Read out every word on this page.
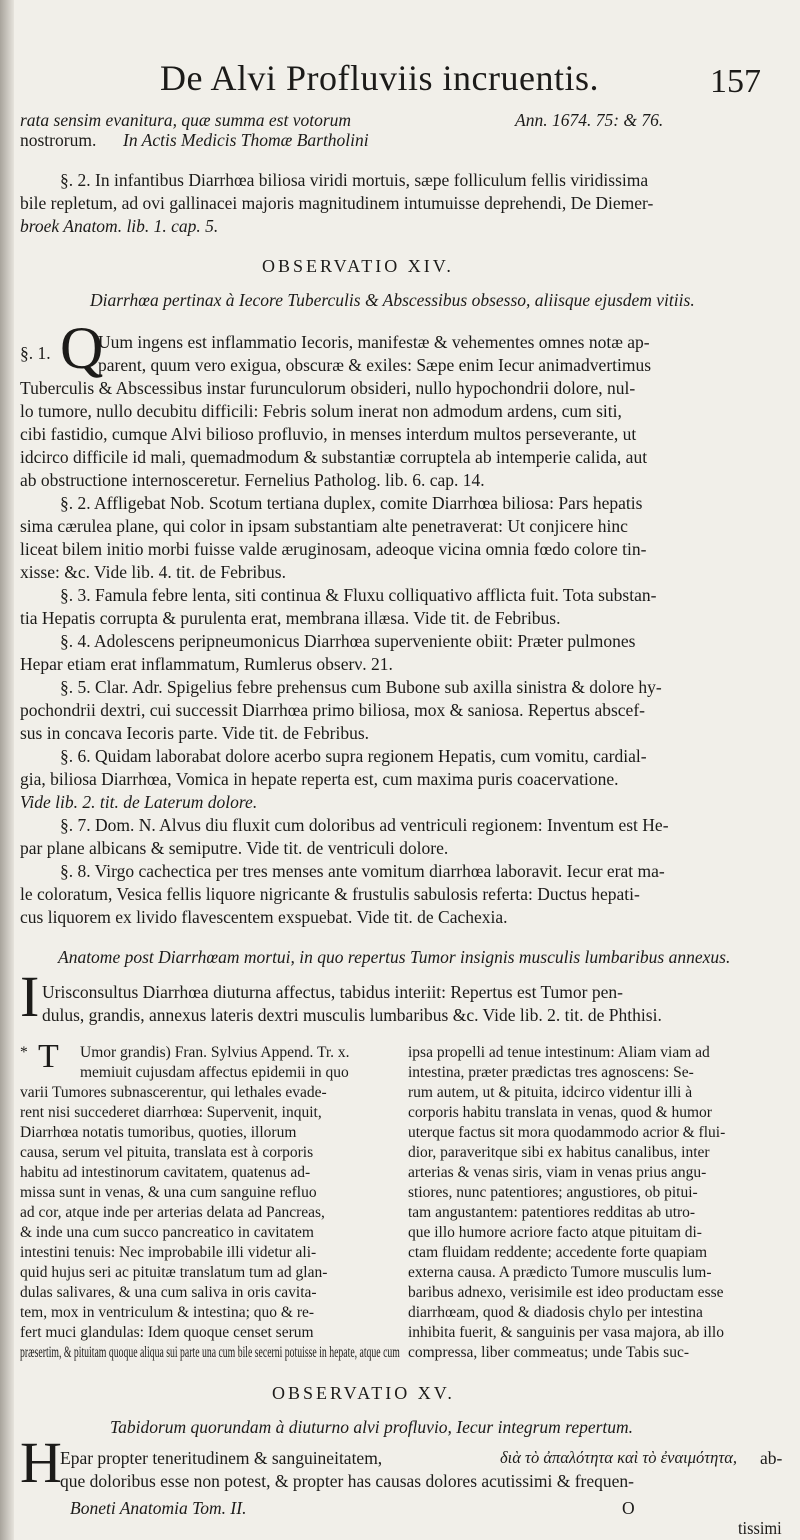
De Alvi Profluviis incruentis.	157
rata sensim evanitura, quæ summa est votorum	Ann. 1674. 75: & 76.
nostrorum. In Actis Medicis Thomæ Bartholini
§. 2. In infantibus Diarrhœa biliosa viridi mortuis, sæpe folliculum fellis viridissima
bile repletum, ad ovi gallinacei majoris magnitudinem intumuisse deprehendi, De Diemer-
broek Anatom. lib. 1. cap. 5.
OBSERVATIO XIV.
Diarrhœa pertinax à Iecore Tuberculis & Abscessibus obsesso, aliisque ejusdem vitiis.
§. 1. Q
Uum ingens est inflammatio Iecoris, manifestæ & vehementes omnes notæ ap-
parent, quum vero exigua, obscuræ & exiles: Sæpe enim Iecur animadvertimus
Tuberculis & Abscessibus instar furunculorum obsideri, nullo hypochondrii dolore, nul-
lo tumore, nullo decubitu difficili: Febris solum inerat non admodum ardens, cum siti,
cibi fastidio, cumque Alvi bilioso profluvio, in menses interdum multos perseverante, ut
idcirco difficile id mali, quemadmodum & substantiæ corruptela ab intemperie calida, aut
ab obstructione internosceretur. Fernelius Patholog. lib. 6. cap. 14.
§. 2. Affligebat Nob. Scotum tertiana duplex, comite Diarrhœa biliosa: Pars hepatis
sima cærulea plane, qui color in ipsam substantiam alte penetraverat: Ut conjicere hinc
liceat bilem initio morbi fuisse valde æruginosam, adeoque vicina omnia fœdo colore tin-
xisse: &c. Vide lib. 4. tit. de Febribus.
§. 3. Famula febre lenta, siti continua & Fluxu colliquativo afflicta fuit. Tota substan-
tia Hepatis corrupta & purulenta erat, membrana illæsa. Vide tit. de Febribus.
§. 4. Adolescens peripneumonicus Diarrhœa superveniente obiit: Præter pulmones
Hepar etiam erat inflammatum, Rumlerus obserν. 21.
§. 5. Clar. Adr. Spigelius febre prehensus cum Bubone sub axilla sinistra & dolore hy-
pochondrii dextri, cui successit Diarrhœa primo biliosa, mox & saniosa. Repertus abscef-
sus in concava Iecoris parte. Vide tit. de Febribus.
§. 6. Quidam laborabat dolore acerbo supra regionem Hepatis, cum vomitu, cardial-
gia, biliosa Diarrhœa, Vomica in hepate reperta est, cum maxima puris coacervatione.
Vide lib. 2. tit. de Laterum dolore.
§. 7. Dom. N. Alvus diu fluxit cum doloribus ad ventriculi regionem: Inventum est He-
par plane albicans & semiputre. Vide tit. de ventriculi dolore.
§. 8. Virgo cachectica per tres menses ante vomitum diarrhœa laboravit. Iecur erat ma-
le coloratum, Vesica fellis liquore nigricante & frustulis sabulosis referta: Ductus hepati-
cus liquorem ex livido flavescentem exspuebat. Vide tit. de Cachexia.
Anatome post Diarrhœam mortui, in quo repertus Tumor insignis musculis lumbaribus annexus.
I Urisconsultus Diarrhœa diuturna affectus, tabidus interiit: Repertus est Tumor pen-
dulus, grandis, annexus lateris dextri musculis lumbaribus &c. Vide lib. 2. tit. de Phthisi.
T
*	Umor grandis) Fran. Sylvius Append. Tr. x.
memiuit cujusdam affectus epidemii in quo
varii Tumores subnascerentur, qui lethales evade-
rent nisi succederet diarrhœa: Supervenit, inquit,
Diarrhœa notatis tumoribus, quoties, illorum
causa, serum vel pituita, translata est à corporis
habitu ad intestinorum cavitatem, quatenus ad-
missa sunt in venas, & una cum sanguine refluo
ad cor, atque inde per arterias delata ad Pancreas,
& inde una cum succo pancreatico in cavitatem
intestini tenuis: Nec improbabile illi videtur ali-
quid hujus seri ac pituitæ translatum tum ad glan-
dulas salivares, & una cum saliva in oris cavita-
tem, mox in ventriculum & intestina; quo & re-
fert muci glandulas: Idem quoque censet serum
præsertim, & pituitam quoque aliqua sui parte una cum bile secerni potuisse in hepate, atque cum
ipsa propelli ad tenue intestinum: Aliam viam ad
intestina, præter prædictas tres agnoscens: Se-
rum autem, ut & pituita, idcirco videntur illi à
corporis habitu translata in venas, quod & humor
uterque factus sit mora quodammodo acrior & flui-
dior, paraveritque sibi ex habitus canalibus, inter
arterias & venas siris, viam in venas prius angu-
stiores, nunc patentiores; angustiores, ob pitui-
tam angustantem: patentiores redditas ab utro-
que illo humore acriore facto atque pituitam di-
ctam fluidam reddente; accedente forte quapiam
externa causa. A prædicto Tumore musculis lum-
baribus adnexo, verisimile est ideo productam esse
diarrhœam, quod & diadosis chylo per intestina
inhibita fuerit, & sanguinis per vasa majora, ab illo
compressa, liber commeatus; unde Tabis suc-
OBSERVATIO XV.
Tabidorum quorundam à diuturno alvi profluvio, Iecur integrum repertum.
H
Epar propter teneritudinem & sanguineitatem,	διὰ τὸ ἀπαλότητα καὶ τὸ ἐναιμότητα, ab-
que doloribus esse non potest, & propter has causas dolores acutissimi & frequen-
Boneti Anatomia Tom. II.	O
tissimi
